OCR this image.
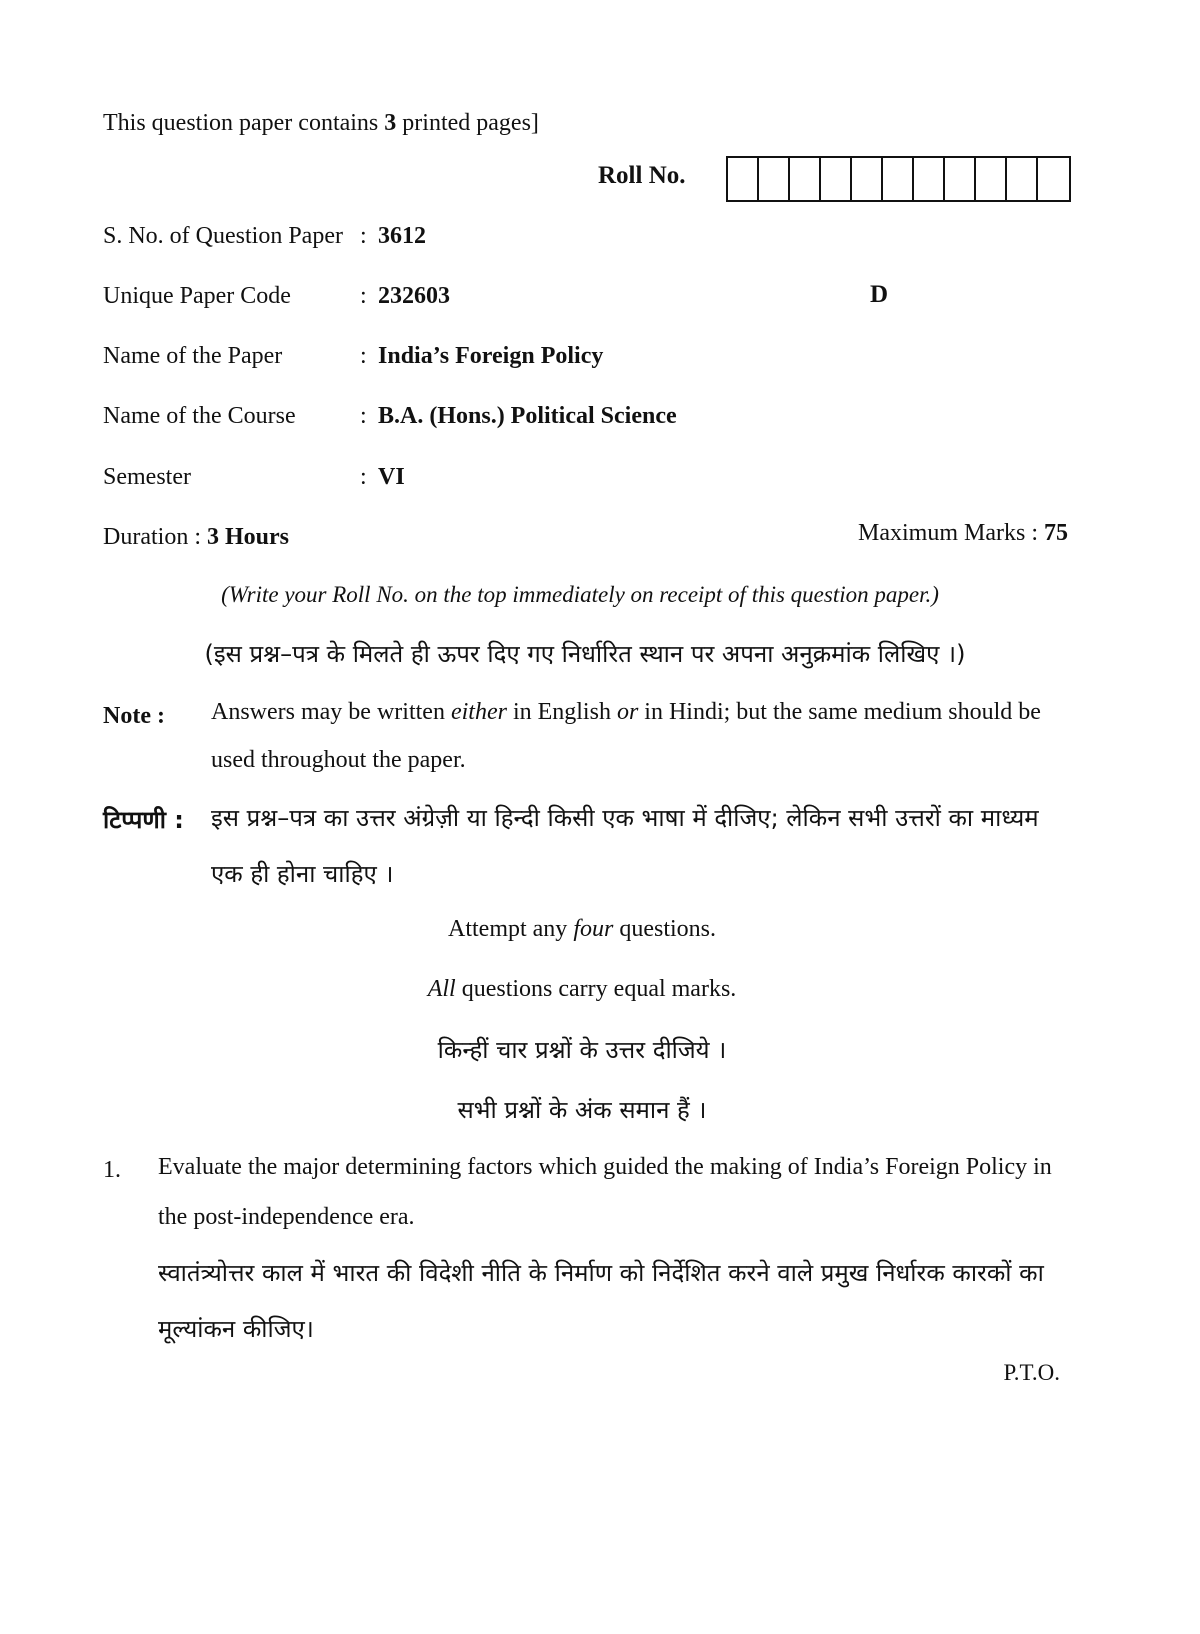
This question paper contains 3 printed pages]
Roll No.
S. No. of Question Paper : 3612
Unique Paper Code	: 232603	D
Name of the Paper	: India’s Foreign Policy
Name of the Course	: B.A. (Hons.) Political Science
Semester	: VI
Duration : 3 Hours	Maximum Marks : 75
(Write your Roll No. on the top immediately on receipt of this question paper.)
(इस प्रश्न–पत्र के मिलते ही ऊपर दिए गए निर्धारित स्थान पर अपना अनुक्रमांक लिखिए ।)
Note : Answers may be written either in English or in Hindi; but the same medium should be used throughout the paper.
टिप्पणी : इस प्रश्न–पत्र का उत्तर अंग्रेज़ी या हिन्दी किसी एक भाषा में दीजिए; लेकिन सभी उत्तरों का माध्यम एक ही होना चाहिए ।
Attempt any four questions.
All questions carry equal marks.
किन्हीं चार प्रश्नों के उत्तर दीजिये ।
सभी प्रश्नों के अंक समान हैं ।
1. Evaluate the major determining factors which guided the making of India’s Foreign Policy in the post-independence era.
स्वातंत्र्योत्तर काल में भारत की विदेशी नीति के निर्माण को निर्देशित करने वाले प्रमुख निर्धारक कारकों का मूल्यांकन कीजिए।
P.T.O.
